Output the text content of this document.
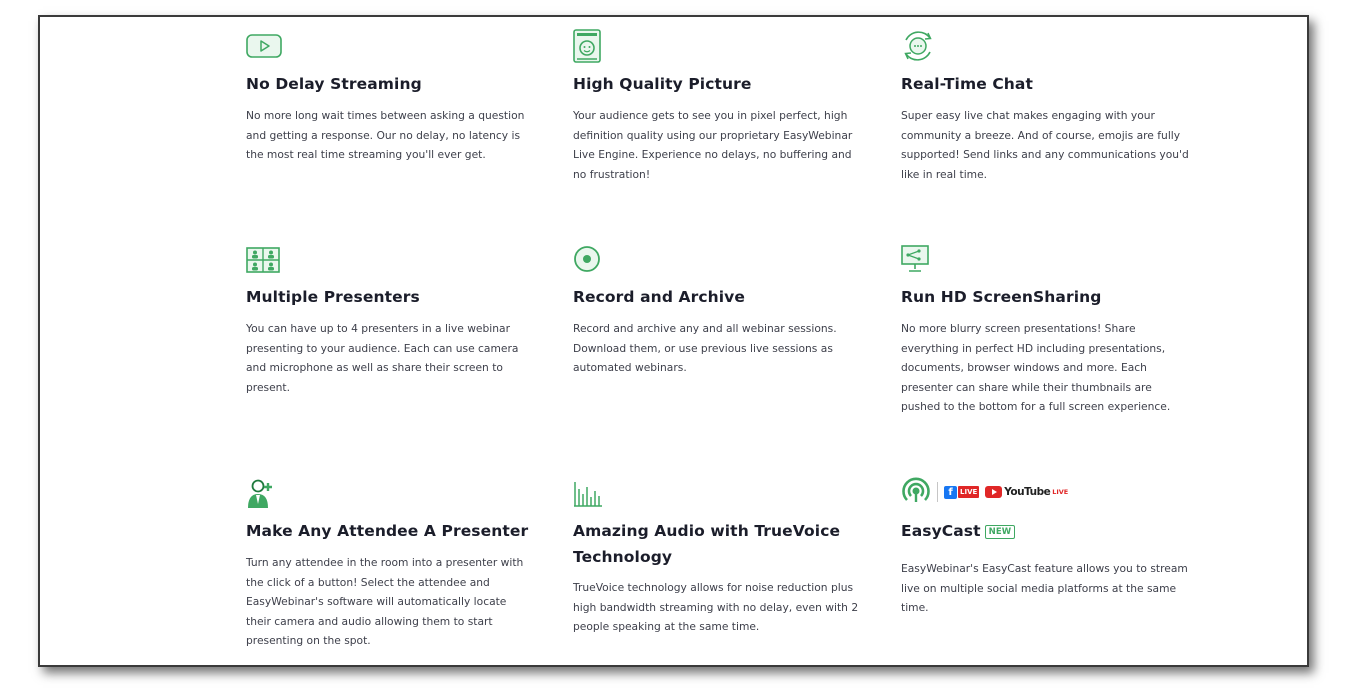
No Delay Streaming

No more long wait times between asking a question
and getting a response. Our no delay, no latency is
the most real time streaming you'll ever get.

High Quality Picture

Your audience gets to see you in pixel perfect, high
definition quality using our proprietary EasyWebinar
Live Engine. Experience no delays, no buffering and
no frustration!

Real-Time Chat

Super easy live chat makes engaging with your
community a breeze. And of course, emojis are fully
supported! Send links and any communications you'd
like in real time.

Multiple Presenters

You can have up to 4 presenters in a live webinar
presenting to your audience. Each can use camera
and microphone as well as share their screen to
present.

Record and Archive

Record and archive any and all webinar sessions.
Download them, or use previous live sessions as
automated webinars.

Run HD ScreenSharing

No more blurry screen presentations! Share
everything in perfect HD including presentations,
documents, browser windows and more. Each
presenter can share while their thumbnails are
pushed to the bottom for a full screen experience.

Make Any Attendee A Presenter

Turn any attendee in the room into a presenter with
the click of a button! Select the attendee and
EasyWebinar's software will automatically locate
their camera and audio allowing them to start
presenting on the spot.

Amazing Audio with TrueVoice
Technology

TrueVoice technology allows for noise reduction plus
high bandwidth streaming with no delay, even with 2
people speaking at the same time.
f	LIVE	YouTube LIVE

EasyCast NEW

EasyWebinar's EasyCast feature allows you to stream
live on multiple social media platforms at the same
time.
